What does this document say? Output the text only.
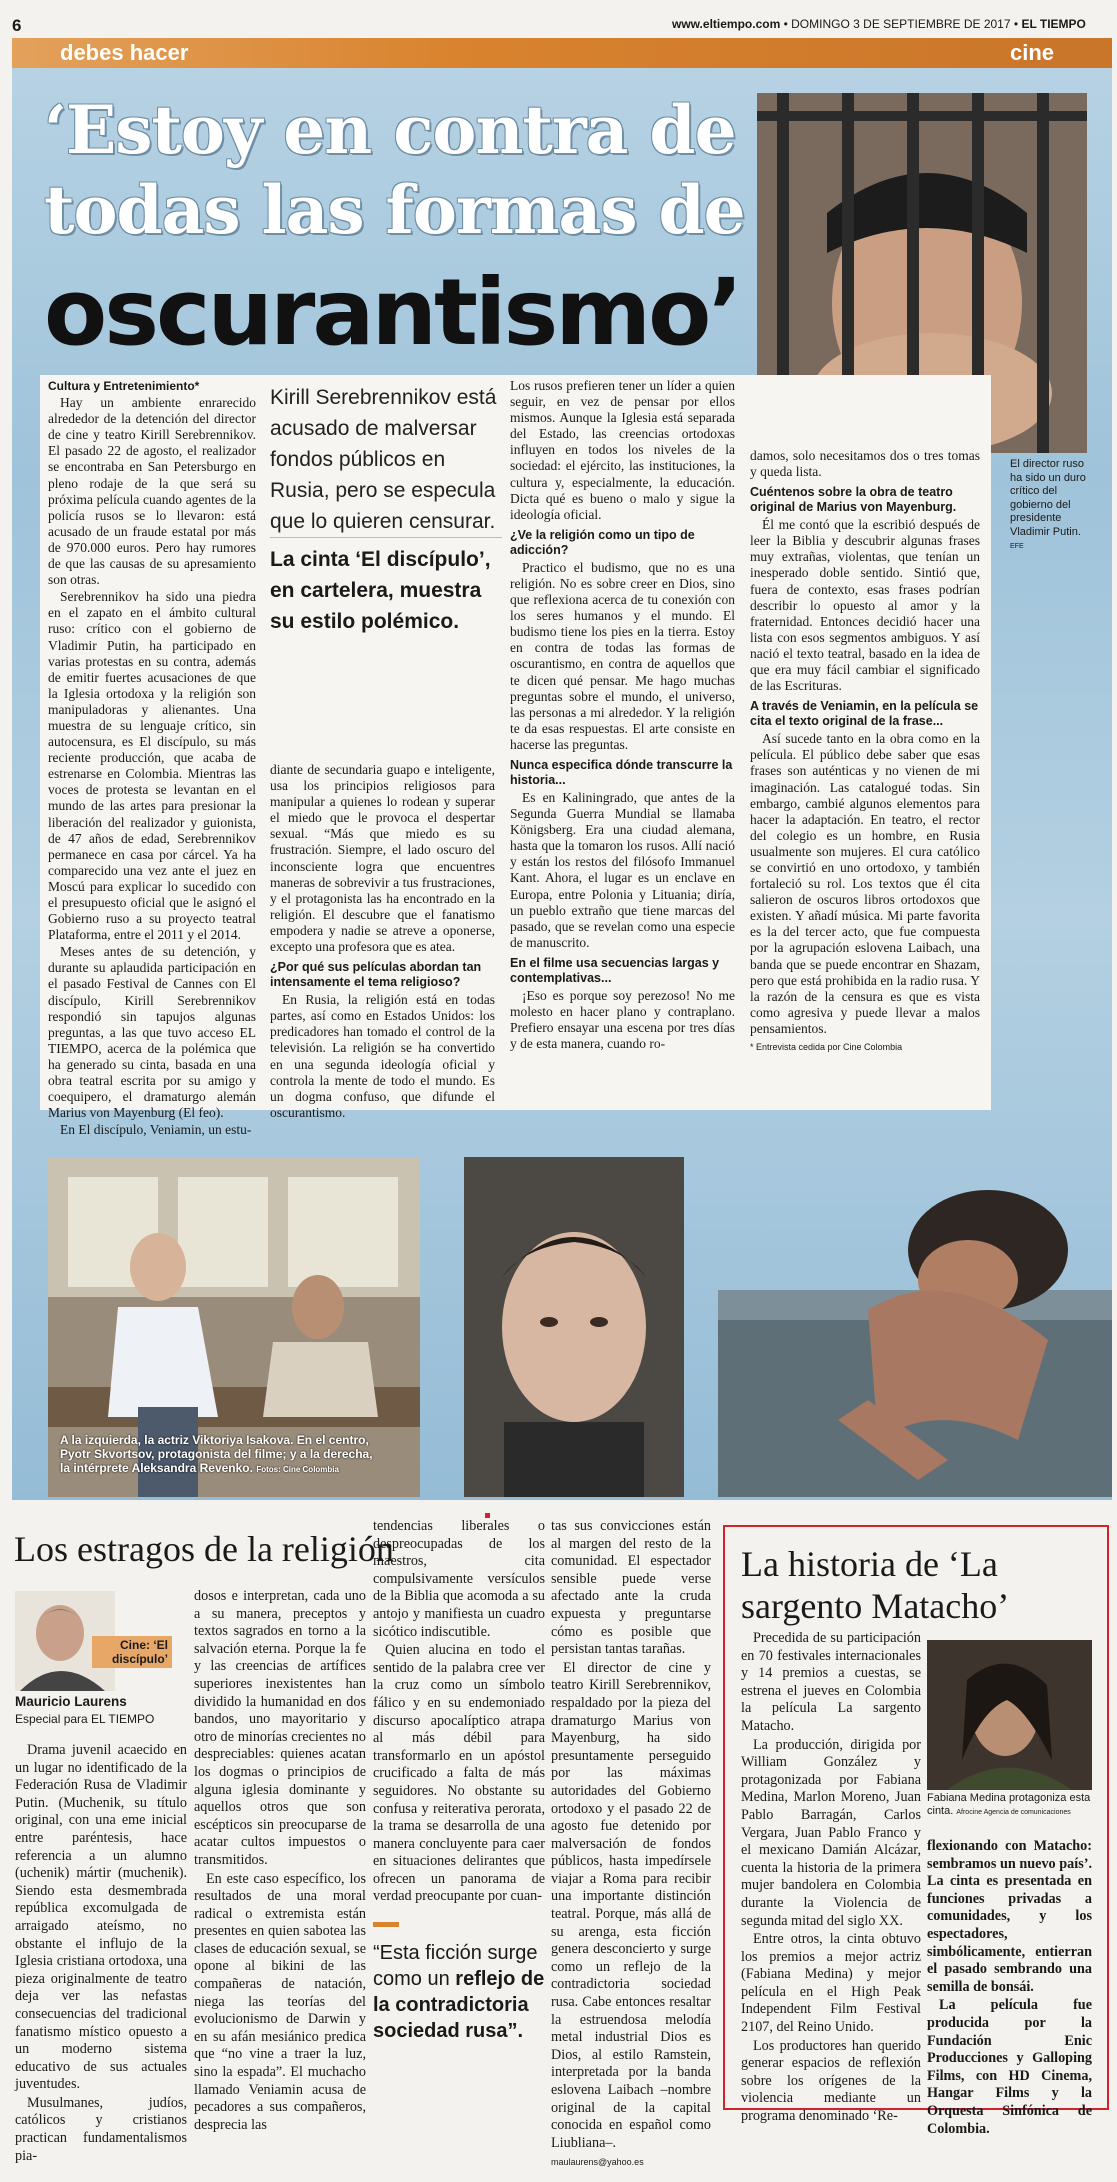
6	www.eltiempo.com • DOMINGO 3 DE SEPTIEMBRE DE 2017 • EL TIEMPO
debes hacer	cine
‘Estoy en contra de
todas las formas de
oscurantismo’

Cultura y Entretenimiento*

Hay un ambiente enrarecido alrededor de la detención del director de cine y teatro Kirill Serebrennikov. El pasado 22 de agosto, el realizador se encontraba en San Petersburgo en pleno rodaje de la que será su próxima película cuando agentes de la policía rusos se lo llevaron: está acusado de un fraude estatal por más de 970.000 euros. Pero hay rumores de que las causas de su apresamiento son otras.

Serebrennikov ha sido una piedra en el zapato en el ámbito cultural ruso: crítico con el gobierno de Vladimir Putin, ha participado en varias protestas en su contra, además de emitir fuertes acusaciones de que la Iglesia ortodoxa y la religión son manipuladoras y alienantes. Una muestra de su lenguaje crítico, sin autocensura, es El discípulo, su más reciente producción, que acaba de estrenarse en Colombia. Mientras las voces de protesta se levantan en el mundo de las artes para presionar la liberación del realizador y guionista, de 47 años de edad, Serebrennikov permanece en casa por cárcel. Ya ha comparecido una vez ante el juez en Moscú para explicar lo sucedido con el presupuesto oficial que le asignó el Gobierno ruso a su proyecto teatral Plataforma, entre el 2011 y el 2014.

Meses antes de su detención, y durante su aplaudida participación en el pasado Festival de Cannes con El discípulo, Kirill Serebrennikov respondió sin tapujos algunas preguntas, a las que tuvo acceso EL TIEMPO, acerca de la polémica que ha generado su cinta, basada en una obra teatral escrita por su amigo y coequipero, el dramaturgo alemán Marius von Mayenburg (El feo).

En El discípulo, Veniamin, un estu-

Kirill Serebrennikov está acusado de malversar fondos públicos en Rusia, pero se especula que lo quieren censurar.
La cinta ‘El discípulo’, en cartelera, muestra su estilo polémico.

diante de secundaria guapo e inteligente, usa los principios religiosos para manipular a quienes lo rodean y superar el miedo que le provoca el despertar sexual. “Más que miedo es su frustración. Siempre, el lado oscuro del inconsciente logra que encuentres maneras de sobrevivir a tus frustraciones, y el protagonista las ha encontrado en la religión. El descubre que el fanatismo empodera y nadie se atreve a oponerse, excepto una profesora que es atea.

¿Por qué sus películas abordan tan intensamente el tema religioso?

En Rusia, la religión está en todas partes, así como en Estados Unidos: los predicadores han tomado el control de la televisión. La religión se ha convertido en una segunda ideología oficial y controla la mente de todo el mundo. Es un dogma confuso, que difunde el oscurantismo.

Los rusos prefieren tener un líder a quien seguir, en vez de pensar por ellos mismos. Aunque la Iglesia está separada del Estado, las creencias ortodoxas influyen en todos los niveles de la sociedad: el ejército, las instituciones, la cultura y, especialmente, la educación. Dicta qué es bueno o malo y sigue la ideología oficial.

¿Ve la religión como un tipo de adicción?

Practico el budismo, que no es una religión. No es sobre creer en Dios, sino que reflexiona acerca de tu conexión con los seres humanos y el mundo. El budismo tiene los pies en la tierra. Estoy en contra de todas las formas de oscurantismo, en contra de aquellos que te dicen qué pensar. Me hago muchas preguntas sobre el mundo, el universo, las personas a mi alrededor. Y la religión te da esas respuestas. El arte consiste en hacerse las preguntas.

Nunca especifica dónde transcurre la historia...

Es en Kaliningrado, que antes de la Segunda Guerra Mundial se llamaba Königsberg. Era una ciudad alemana, hasta que la tomaron los rusos. Allí nació y están los restos del filósofo Immanuel Kant. Ahora, el lugar es un enclave en Europa, entre Polonia y Lituania; diría, un pueblo extraño que tiene marcas del pasado, que se revelan como una especie de manuscrito.

En el filme usa secuencias largas y contemplativas...

¡Eso es porque soy perezoso! No me molesto en hacer plano y contraplano. Prefiero ensayar una escena por tres días y de esta manera, cuando ro-

damos, solo necesitamos dos o tres tomas y queda lista.

Cuéntenos sobre la obra de teatro original de Marius von Mayenburg.

Él me contó que la escribió después de leer la Biblia y descubrir algunas frases muy extrañas, violentas, que tenían un inesperado doble sentido. Sintió que, fuera de contexto, esas frases podrían describir lo opuesto al amor y la fraternidad. Entonces decidió hacer una lista con esos segmentos ambiguos. Y así nació el texto teatral, basado en la idea de que era muy fácil cambiar el significado de las Escrituras.

A través de Veniamin, en la película se cita el texto original de la frase...

Así sucede tanto en la obra como en la película. El público debe saber que esas frases son auténticas y no vienen de mi imaginación. Las catalogué todas. Sin embargo, cambié algunos elementos para hacer la adaptación. En teatro, el rector del colegio es un hombre, en Rusia usualmente son mujeres. El cura católico se convirtió en uno ortodoxo, y también fortaleció su rol. Los textos que él cita salieron de oscuros libros ortodoxos que existen. Y añadí música. Mi parte favorita es la del tercer acto, que fue compuesta por la agrupación eslovena Laibach, una banda que se puede encontrar en Shazam, pero que está prohibida en la radio rusa. Y la razón de la censura es que es vista como agresiva y puede llevar a malos pensamientos.

* Entrevista cedida por Cine Colombia

El director ruso ha sido un duro crítico del gobierno del presidente Vladimir Putin. EFE
A la izquierda, la actriz Viktoriya Isakova. En el centro, Pyotr Skvortsov, protagonista del filme; y a la derecha, la intérprete Aleksandra Revenko. Fotos: Cine Colombia
Los estragos de la religión
Cine: ‘El discípulo’
Mauricio Laurens
Especial para EL TIEMPO

Drama juvenil acaecido en un lugar no identificado de la Federación Rusa de Vladimir Putin. (Muchenik, su título original, con una eme inicial entre paréntesis, hace referencia a un alumno (uchenik) mártir (muchenik). Siendo esta desmembrada república excomulgada de arraigado ateísmo, no obstante el influjo de la Iglesia cristiana ortodoxa, una pieza originalmente de teatro deja ver las nefastas consecuencias del tradicional fanatismo místico opuesto a un moderno sistema educativo de sus actuales juventudes.

Musulmanes, judíos, católicos y cristianos practican fundamentalismos pia-

dosos e interpretan, cada uno a su manera, preceptos y textos sagrados en torno a la salvación eterna. Porque la fe y las creencias de artífices superiores inexistentes han dividido la humanidad en dos bandos, uno mayoritario y otro de minorías crecientes no despreciables: quienes acatan los dogmas o principios de alguna iglesia dominante y aquellos otros que son escépticos sin preocuparse de acatar cultos impuestos o transmitidos.

En este caso específico, los resultados de una moral radical o extremista están presentes en quien sabotea las clases de educación sexual, se opone al bikini de las compañeras de natación, niega las teorías del evolucionismo de Darwin y en su afán mesiánico predica que “no vine a traer la luz, sino la espada”. El muchacho llamado Veniamin acusa de pecadores a sus compañeros, despreciа las

tendencias liberales o despreocupadas de los maestros, cita compulsivamente versículos de la Biblia que acomoda a su antojo y manifiesta un cuadro sicótico indiscutible.

Quien alucina en todo el sentido de la palabra cree ver la cruz como un símbolo fálico y en su endemoniado discurso apocalíptico atrapa al más débil para transformarlo en un apóstol crucificado a falta de más seguidores. No obstante su confusa y reiterativa perorata, la trama se desarrolla de una manera concluyente para caer en situaciones delirantes que ofrecen un panorama de verdad preocupante por cuan-

“Esta ficción surge como un reflejo de la contradictoria sociedad rusa”.

tas sus convicciones están al margen del resto de la comunidad. El espectador sensible puede verse afectado ante la cruda expuesta y preguntarse cómo es posible que persistan tantas tarañas.

El director de cine y teatro Kirill Serebrennikov, respaldado por la pieza del dramaturgo Marius von Mayenburg, ha sido presuntamente perseguido por las máximas autoridades del Gobierno ortodoxo y el pasado 22 de agosto fue detenido por malversación de fondos públicos, hasta impedírsele viajar a Roma para recibir una importante distinción teatral. Porque, más allá de su arenga, esta ficción genera desconcierto y surge como un reflejo de la contradictoria sociedad rusa. Cabe entonces resaltar la estruendosa melodía metal industrial Dios es Dios, al estilo Ramstein, interpretada por la banda eslovena Laibach –nombre original de la capital conocida en español como Liubliana–.

maulaurens@yahoo.es

La historia de ‘La sargento Matacho’

Precedida de su participación en 70 festivales internacionales y 14 premios a cuestas, se estrena el jueves en Colombia la película La sargento Matacho.

La producción, dirigida por William González y protagonizada por Fabiana Medina, Marlon Moreno, Juan Pablo Barragán, Carlos Vergara, Juan Pablo Franco y el mexicano Damián Alcázar, cuenta la historia de la primera mujer bandolera en Colombia durante la Violencia de segunda mitad del siglo XX.

Entre otros, la cinta obtuvo los premios a mejor actriz (Fabiana Medina) y mejor película en el High Peak Independent Film Festival 2107, del Reino Unido.

Los productores han querido generar espacios de reflexión sobre los orígenes de la violencia mediante un programa denominado ‘Re-

Fabiana Medina protagoniza esta cinta. Afrocine Agencia de comunicaciones

flexionando con Matacho: sembramos un nuevo país’. La cinta es presentada en funciones privadas a comunidades, y los espectadores, simbólicamente, entierran el pasado sembrando una semilla de bonsái.

La película fue producida por la Fundación Enic Producciones y Galloping Films, con HD Cinema, Hangar Films y la Orquesta Sinfónica de Colombia.
